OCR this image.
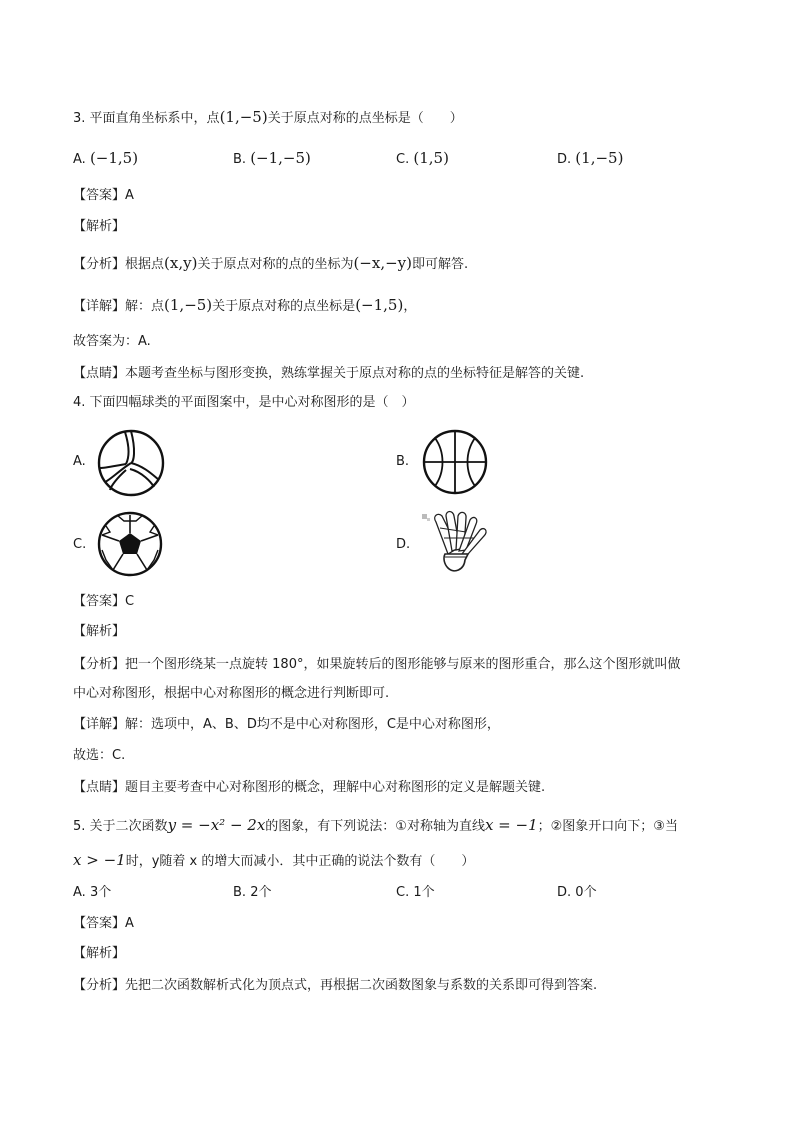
3. 平面直角坐标系中，点(1,−5)关于原点对称的点坐标是（　　）
A. (−1,5)	B. (−1,−5)	C. (1,5)	D. (1,−5)
【答案】A
【解析】
【分析】根据点(x,y)关于原点对称的点的坐标为(−x,−y)即可解答.
【详解】解：点(1,−5)关于原点对称的点坐标是(−1,5)，
故答案为：A.
【点睛】本题考查坐标与图形变换，熟练掌握关于原点对称的点的坐标特征是解答的关键.
4. 下面四幅球类的平面图案中，是中心对称图形的是（　）
A.	B.
C.	D.
【答案】C
【解析】
【分析】把一个图形绕某一点旋转 180°，如果旋转后的图形能够与原来的图形重合，那么这个图形就叫做
中心对称图形，根据中心对称图形的概念进行判断即可.
【详解】解：选项中，A、B、D均不是中心对称图形，C是中心对称图形，
故选：C.
【点睛】题目主要考查中心对称图形的概念，理解中心对称图形的定义是解题关键.
5. 关于二次函数y = −x² − 2x的图象，有下列说法：①对称轴为直线x = −1；②图象开口向下；③当
x > −1时，y随着 x 的增大而减小．其中正确的说法个数有（　　）
A. 3个	B. 2个	C. 1个	D. 0个
【答案】A
【解析】
【分析】先把二次函数解析式化为顶点式，再根据二次函数图象与系数的关系即可得到答案.
